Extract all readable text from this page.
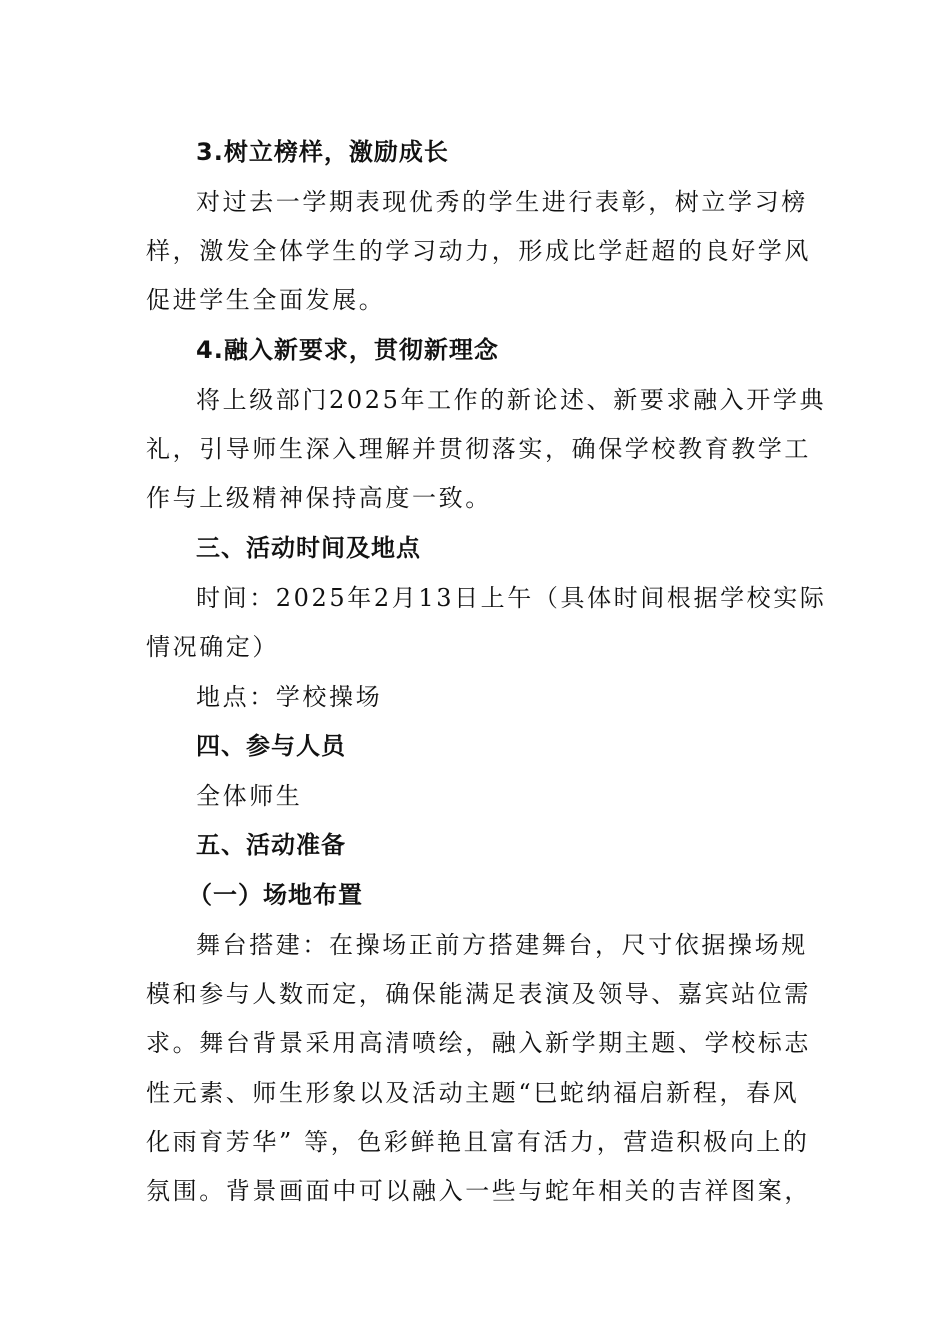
3.树立榜样，激励成长
对过去一学期表现优秀的学生进行表彰，树立学习榜
样，激发全体学生的学习动力，形成比学赶超的良好学风
促进学生全面发展。
4.融入新要求，贯彻新理念
将上级部门2025年工作的新论述、新要求融入开学典
礼，引导师生深入理解并贯彻落实，确保学校教育教学工
作与上级精神保持高度一致。
三、活动时间及地点
时间：2025年2月13日上午（具体时间根据学校实际
情况确定）
地点：学校操场
四、参与人员
全体师生
五、活动准备
（一）场地布置
舞台搭建：在操场正前方搭建舞台，尺寸依据操场规
模和参与人数而定，确保能满足表演及领导、嘉宾站位需
求。舞台背景采用高清喷绘，融入新学期主题、学校标志
性元素、师生形象以及活动主题“巳蛇纳福启新程，春风
化雨育芳华” 等，色彩鲜艳且富有活力，营造积极向上的
氛围。背景画面中可以融入一些与蛇年相关的吉祥图案，
